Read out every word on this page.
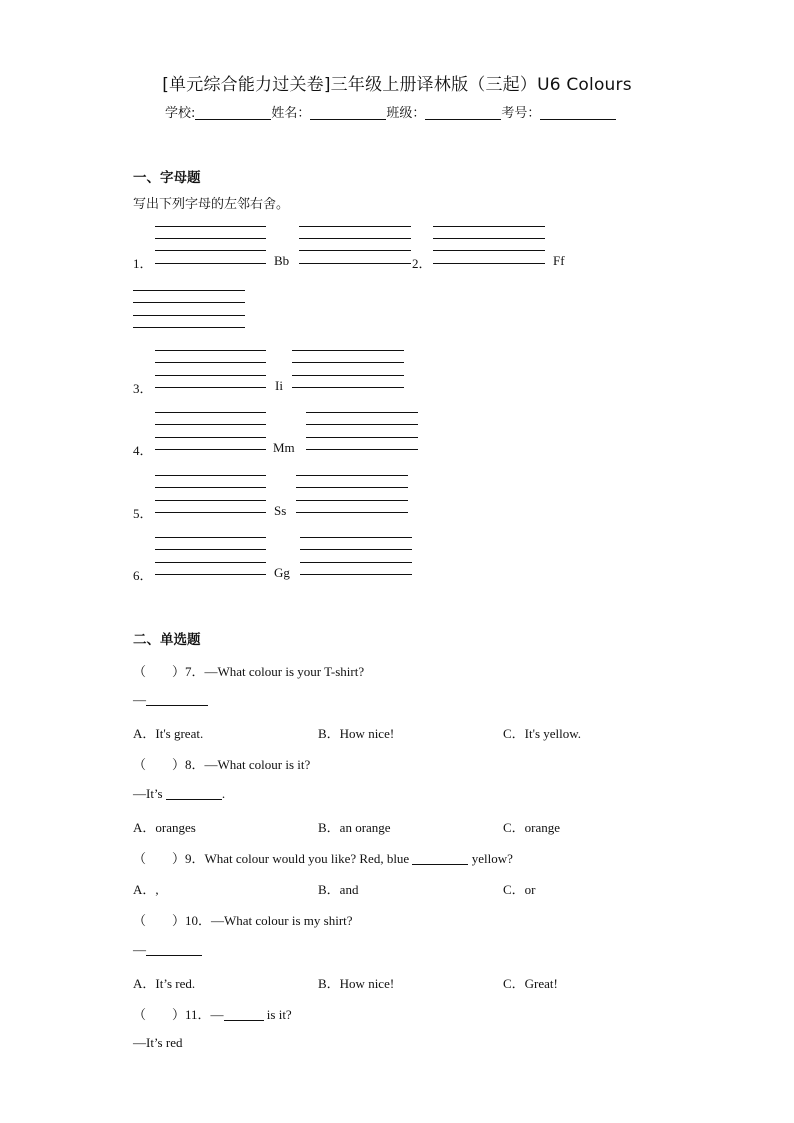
[单元综合能力过关卷]三年级上册译林版（三起）U6 Colours
学校:	姓名：	班级：	考号：
一、字母题
写出下列字母的左邻右舍。
1．	Bb	2．	Ff
3．	Ii
4．	Mm
5．	Ss
6．	Gg
二、单选题
（　　）7．—What colour is your T-shirt?
—
A．It's great.	B．How nice!	C．It's yellow.
（　　）8．—What colour is it?
—It’s	.
A．oranges	B．an orange	C．orange
（　　）9．What colour would you like? Red, blue	yellow?
A．,	B．and	C．or
（　　）10．—What colour is my shirt?
—
A．It’s red.	B．How nice!	C．Great!
（　　）11．—	is it?
—It’s red
